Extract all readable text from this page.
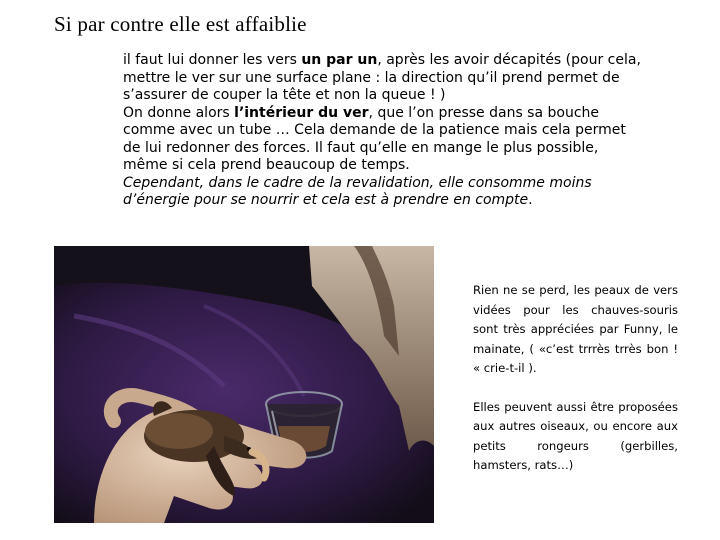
Si par contre elle est affaiblie

il faut lui donner les vers un par un, après les avoir décapités (pour cela, mettre le ver sur une surface plane : la direction qu’il prend permet de s’assurer de couper la tête et non la queue ! )

On donne alors l’intérieur du ver, que l’on presse dans sa bouche comme avec un tube … Cela demande de la patience mais cela permet de lui redonner des forces. Il faut qu’elle en mange le plus possible, même si cela prend beaucoup de temps.

Cependant, dans le cadre de la revalidation, elle consomme moins d’énergie pour se nourrir et cela est à prendre en compte.

Rien ne se perd, les peaux de vers vidées pour les chauves-souris sont très appréciées par Funny, le mainate, ( «c’est trrrès trrès bon ! « crie-t-il ).

Elles peuvent aussi être proposées aux autres oiseaux, ou encore aux petits rongeurs (gerbilles, hamsters, rats…)
